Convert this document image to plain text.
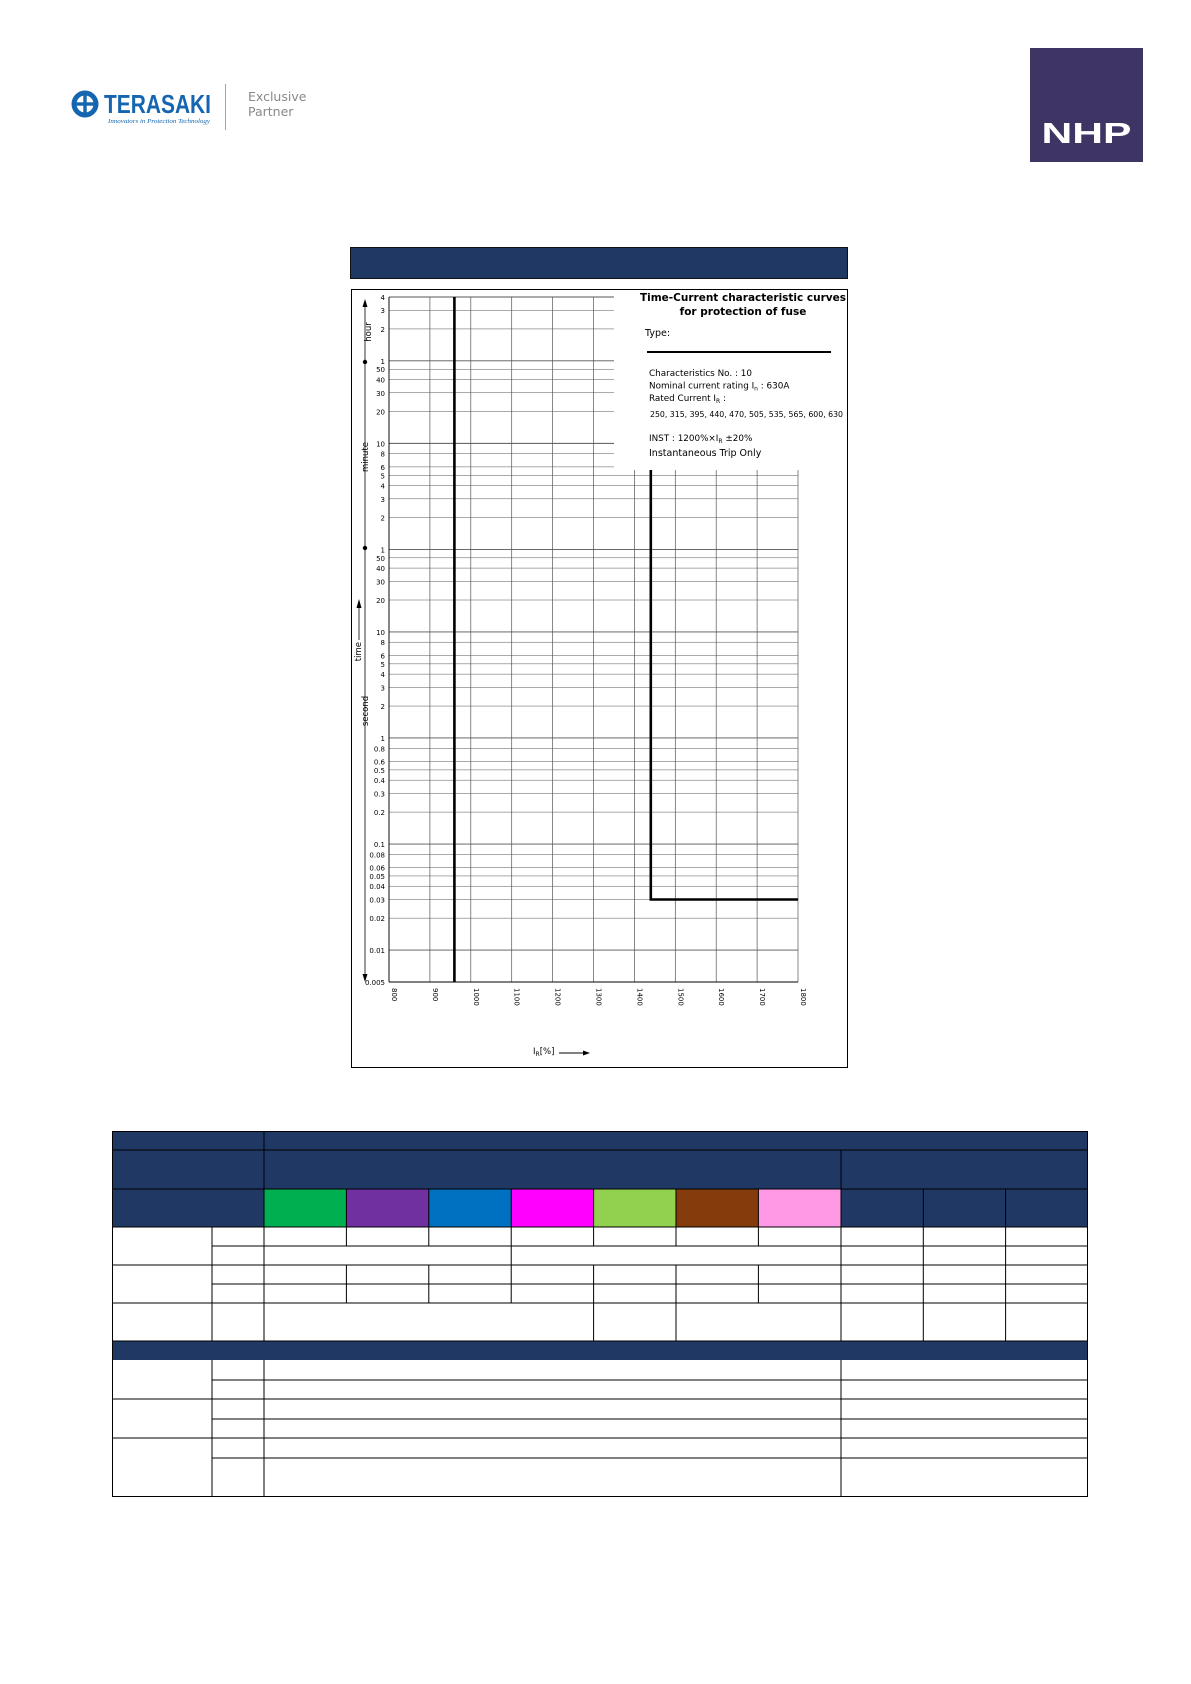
TERASAKI
Innovators in Protection Technology
Exclusive
Partner
NHP
4
3
2
1
50
40
30
20
10
8
6
5
4
3
2
1
50
40
30
20
10
8
6
5
4
3
2
1
0.8
0.6
0.5
0.4
0.3
0.2
0.1
0.08
0.06
0.05
0.04
0.03
0.02
0.01
0.005
800	900	1000	1100	1200	1300	1400	1500	1600	1700	1800
Time-Current characteristic curves
for protection of fuse
Type:
Characteristics No. : 10
Nominal current rating $I_n$ : 630A
Rated Current $I_R$ :
250, 315, 395, 440, 470, 505, 535, 565, 600, 630
INST : $1200\%\times I_R \pm 20\%$
Instantaneous Trip Only
hour
minute
second
time
$I_R[\%]$
